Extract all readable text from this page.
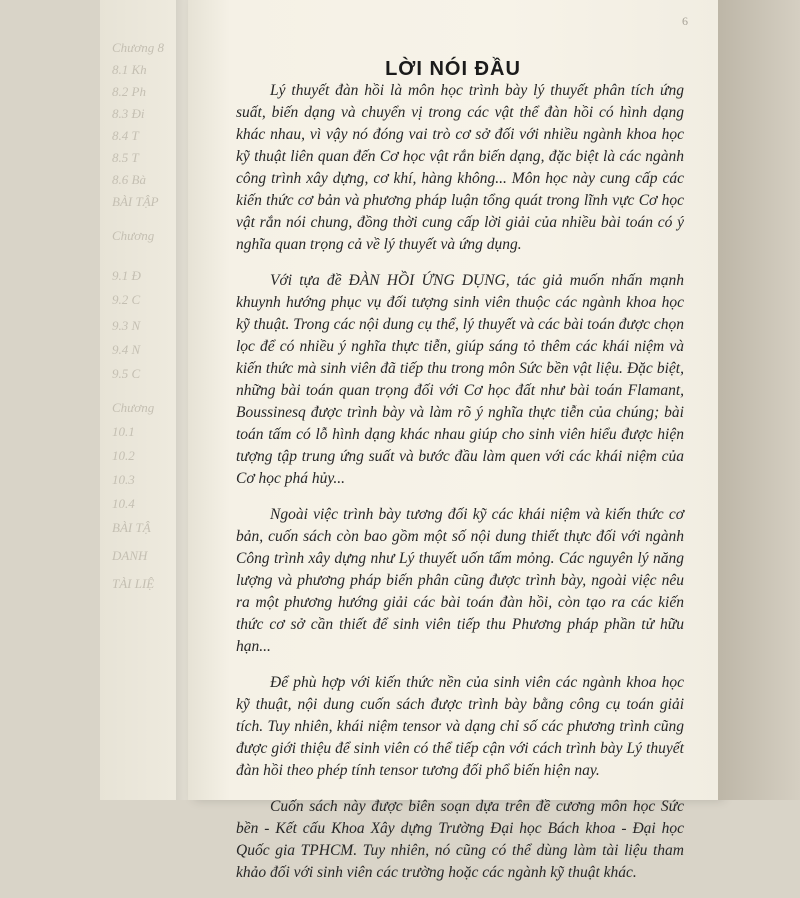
Chương 8
8.1 Kh
8.2 Ph
8.3 Đi
8.4 T
8.5 T
8.6 Bà
BÀI TẬP
Chương
9.1 Đ
9.2 C
9.3 N
9.4 N
9.5 C
Chương
10.1
10.2
10.3
10.4
BÀI TẬ
DANH
TÀI LIỆ
6
LỜI NÓI ĐẦU

Lý thuyết đàn hồi là môn học trình bày lý thuyết phân tích ứng suất, biến dạng và chuyển vị trong các vật thể đàn hồi có hình dạng khác nhau, vì vậy nó đóng vai trò cơ sở đối với nhiều ngành khoa học kỹ thuật liên quan đến Cơ học vật rắn biến dạng, đặc biệt là các ngành công trình xây dựng, cơ khí, hàng không... Môn học này cung cấp các kiến thức cơ bản và phương pháp luận tổng quát trong lĩnh vực Cơ học vật rắn nói chung, đồng thời cung cấp lời giải của nhiều bài toán có ý nghĩa quan trọng cả về lý thuyết và ứng dụng.

Với tựa đề ĐÀN HỒI ỨNG DỤNG, tác giả muốn nhấn mạnh khuynh hướng phục vụ đối tượng sinh viên thuộc các ngành khoa học kỹ thuật. Trong các nội dung cụ thể, lý thuyết và các bài toán được chọn lọc để có nhiều ý nghĩa thực tiễn, giúp sáng tỏ thêm các khái niệm và kiến thức mà sinh viên đã tiếp thu trong môn Sức bền vật liệu. Đặc biệt, những bài toán quan trọng đối với Cơ học đất như bài toán Flamant, Boussinesq được trình bày và làm rõ ý nghĩa thực tiễn của chúng; bài toán tấm có lỗ hình dạng khác nhau giúp cho sinh viên hiểu được hiện tượng tập trung ứng suất và bước đầu làm quen với các khái niệm của Cơ học phá hủy...

Ngoài việc trình bày tương đối kỹ các khái niệm và kiến thức cơ bản, cuốn sách còn bao gồm một số nội dung thiết thực đối với ngành Công trình xây dựng như Lý thuyết uốn tấm mỏng. Các nguyên lý năng lượng và phương pháp biến phân cũng được trình bày, ngoài việc nêu ra một phương hướng giải các bài toán đàn hồi, còn tạo ra các kiến thức cơ sở cần thiết để sinh viên tiếp thu Phương pháp phần tử hữu hạn...

Để phù hợp với kiến thức nền của sinh viên các ngành khoa học kỹ thuật, nội dung cuốn sách được trình bày bằng công cụ toán giải tích. Tuy nhiên, khái niệm tensor và dạng chỉ số các phương trình cũng được giới thiệu để sinh viên có thể tiếp cận với cách trình bày Lý thuyết đàn hồi theo phép tính tensor tương đối phổ biến hiện nay.

Cuốn sách này được biên soạn dựa trên đề cương môn học Sức bền - Kết cấu Khoa Xây dựng Trường Đại học Bách khoa - Đại học Quốc gia TPHCM. Tuy nhiên, nó cũng có thể dùng làm tài liệu tham khảo đối với sinh viên các trường hoặc các ngành kỹ thuật khác.
